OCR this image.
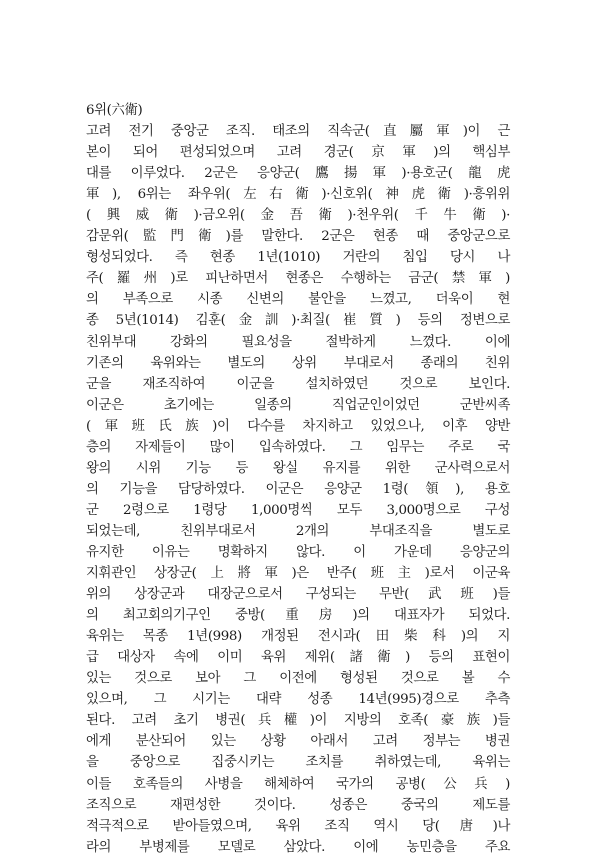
6위(六衛)
고려 전기 중앙군 조직. 태조의 직속군(直屬軍)이 근
본이 되어 편성되었으며 고려 경군(京軍)의 핵심부
대를 이루었다. 2군은 응양군(鷹揚軍)·용호군(龍虎
軍), 6위는 좌우위(左右衛)·신호위(神虎衛)·흥위위
(興威衛)·금오위(金吾衛)·천우위(千牛衛)·
감문위(監門衛)를 말한다. 2군은 현종 때 중앙군으로
형성되었다. 즉 현종 1년(1010) 거란의 침입 당시 나
주(羅州)로 피난하면서 현종은 수행하는 금군(禁軍)
의 부족으로 시종 신변의 불안을 느꼈고, 더욱이 현
종 5년(1014) 김훈(金訓)·최질(崔質) 등의 정변으로
친위부대 강화의 필요성을 절박하게 느꼈다. 이에
기존의 육위와는 별도의 상위 부대로서 종래의 친위
군을 재조직하여 이군을 설치하였던 것으로 보인다.
이군은 초기에는 일종의 직업군인이었던 군반씨족
(軍班氏族)이 다수를 차지하고 있었으나, 이후 양반
층의 자제들이 많이 입속하였다. 그 임무는 주로 국
왕의 시위 기능 등 왕실 유지를 위한 군사력으로서
의 기능을 담당하였다. 이군은 응양군 1령(領), 용호
군 2령으로 1령당 1,000명씩 모두 3,000명으로 구성
되었는데, 친위부대로서 2개의 부대조직을 별도로
유지한 이유는 명확하지 않다. 이 가운데 응양군의
지휘관인 상장군(上將軍)은 반주(班主)로서 이군육
위의 상장군과 대장군으로서 구성되는 무반(武班)들
의 최고회의기구인 중방(重房)의 대표자가 되었다.
육위는 목종 1년(998) 개정된 전시과(田柴科)의 지
급 대상자 속에 이미 육위 제위(諸衛) 등의 표현이
있는 것으로 보아 그 이전에 형성된 것으로 볼 수
있으며, 그 시기는 대략 성종 14년(995)경으로 추측
된다. 고려 초기 병권(兵權)이 지방의 호족(豪族)들
에게 분산되어 있는 상황 아래서 고려 정부는 병권
을 중앙으로 집중시키는 조치를 취하였는데, 육위는
이들 호족들의 사병을 해체하여 국가의 공병(公兵)
조직으로 재편성한 것이다. 성종은 중국의 제도를
적극적으로 받아들였으며, 육위 조직 역시 당(唐)나
라의 부병제를 모델로 삼았다. 이에 농민층을 주요
